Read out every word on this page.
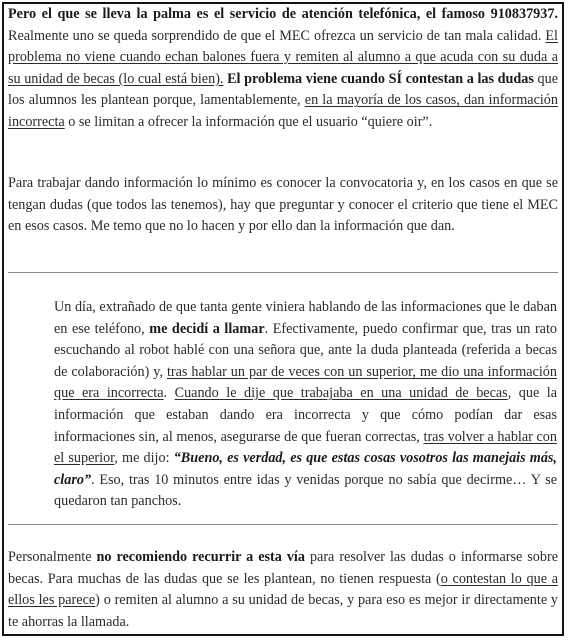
Pero el que se lleva la palma es el servicio de atención telefónica, el famoso 910837937. Realmente uno se queda sorprendido de que el MEC ofrezca un servicio de tan mala calidad. El problema no viene cuando echan balones fuera y remiten al alumno a que acuda con su duda a su unidad de becas (lo cual está bien). El problema viene cuando SÍ contestan a las dudas que los alumnos les plantean porque, lamentablemente, en la mayoría de los casos, dan información incorrecta o se limitan a ofrecer la información que el usuario “quiere oir”.

Para trabajar dando información lo mínimo es conocer la convocatoria y, en los casos en que se tengan dudas (que todos las tenemos), hay que preguntar y conocer el criterio que tiene el MEC en esos casos. Me temo que no lo hacen y por ello dan la información que dan.

Un día, extrañado de que tanta gente viniera hablando de las informaciones que le daban en ese teléfono, me decidí a llamar. Efectivamente, puedo confirmar que, tras un rato escuchando al robot hablé con una señora que, ante la duda planteada (referida a becas de colaboración) y, tras hablar un par de veces con un superior, me dio una información que era incorrecta. Cuando le dije que trabajaba en una unidad de becas, que la información que estaban dando era incorrecta y que cómo podían dar esas informaciones sin, al menos, asegurarse de que fueran correctas, tras volver a hablar con el superior, me dijo: “Bueno, es verdad, es que estas cosas vosotros las manejais más, claro”. Eso, tras 10 minutos entre idas y venidas porque no sabía que decirme… Y se quedaron tan panchos.

Personalmente no recomiendo recurrir a esta vía para resolver las dudas o informarse sobre becas. Para muchas de las dudas que se les plantean, no tienen respuesta (o contestan lo que a ellos les parece) o remiten al alumno a su unidad de becas, y para eso es mejor ir directamente y te ahorras la llamada.
